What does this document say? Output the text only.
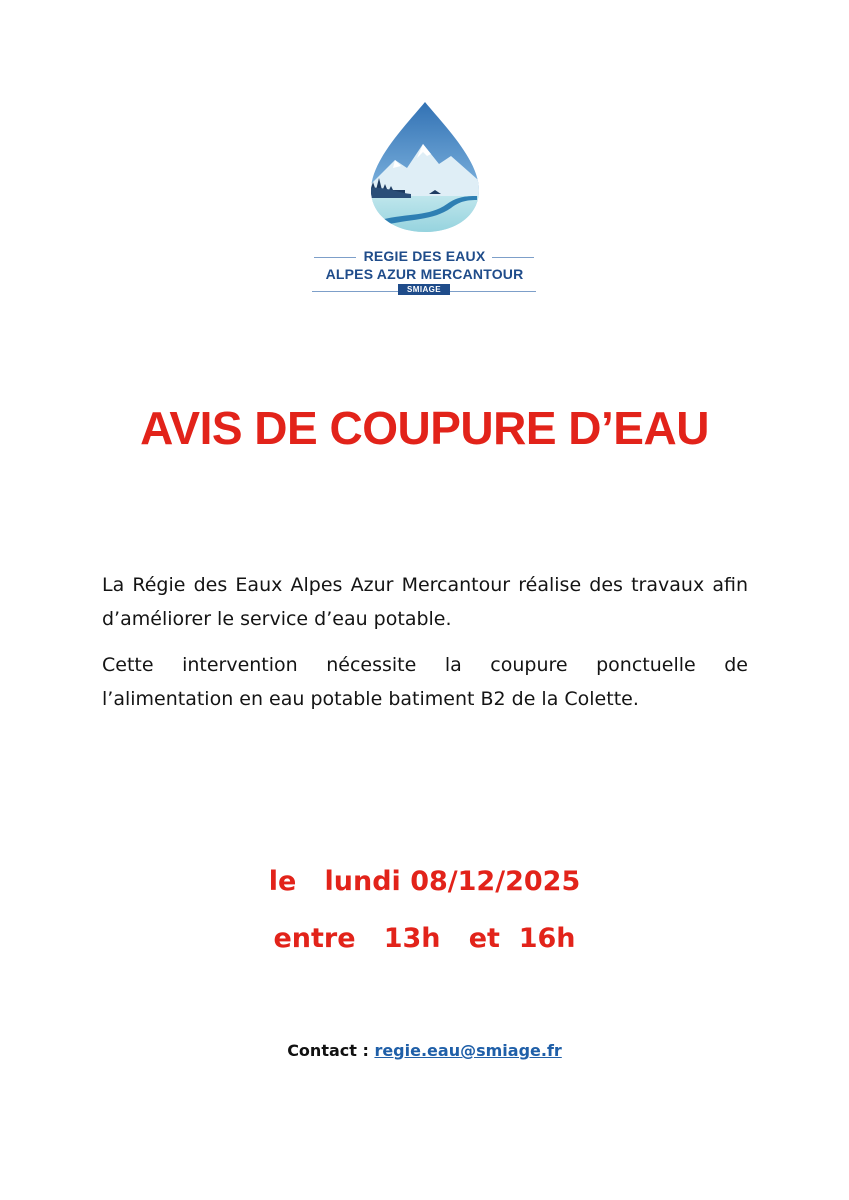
REGIE DES EAUX
ALPES AZUR MERCANTOUR
SMIAGE
AVIS DE COUPURE D’EAU
La Régie des Eaux Alpes Azur Mercantour réalise des travaux afin d’améliorer le service d’eau potable.
Cette intervention nécessite la coupure ponctuelle de
l’alimentation en eau potable batiment B2 de la Colette.
le   lundi 08/12/2025
entre   13h   et  16h
Contact : regie.eau@smiage.fr
